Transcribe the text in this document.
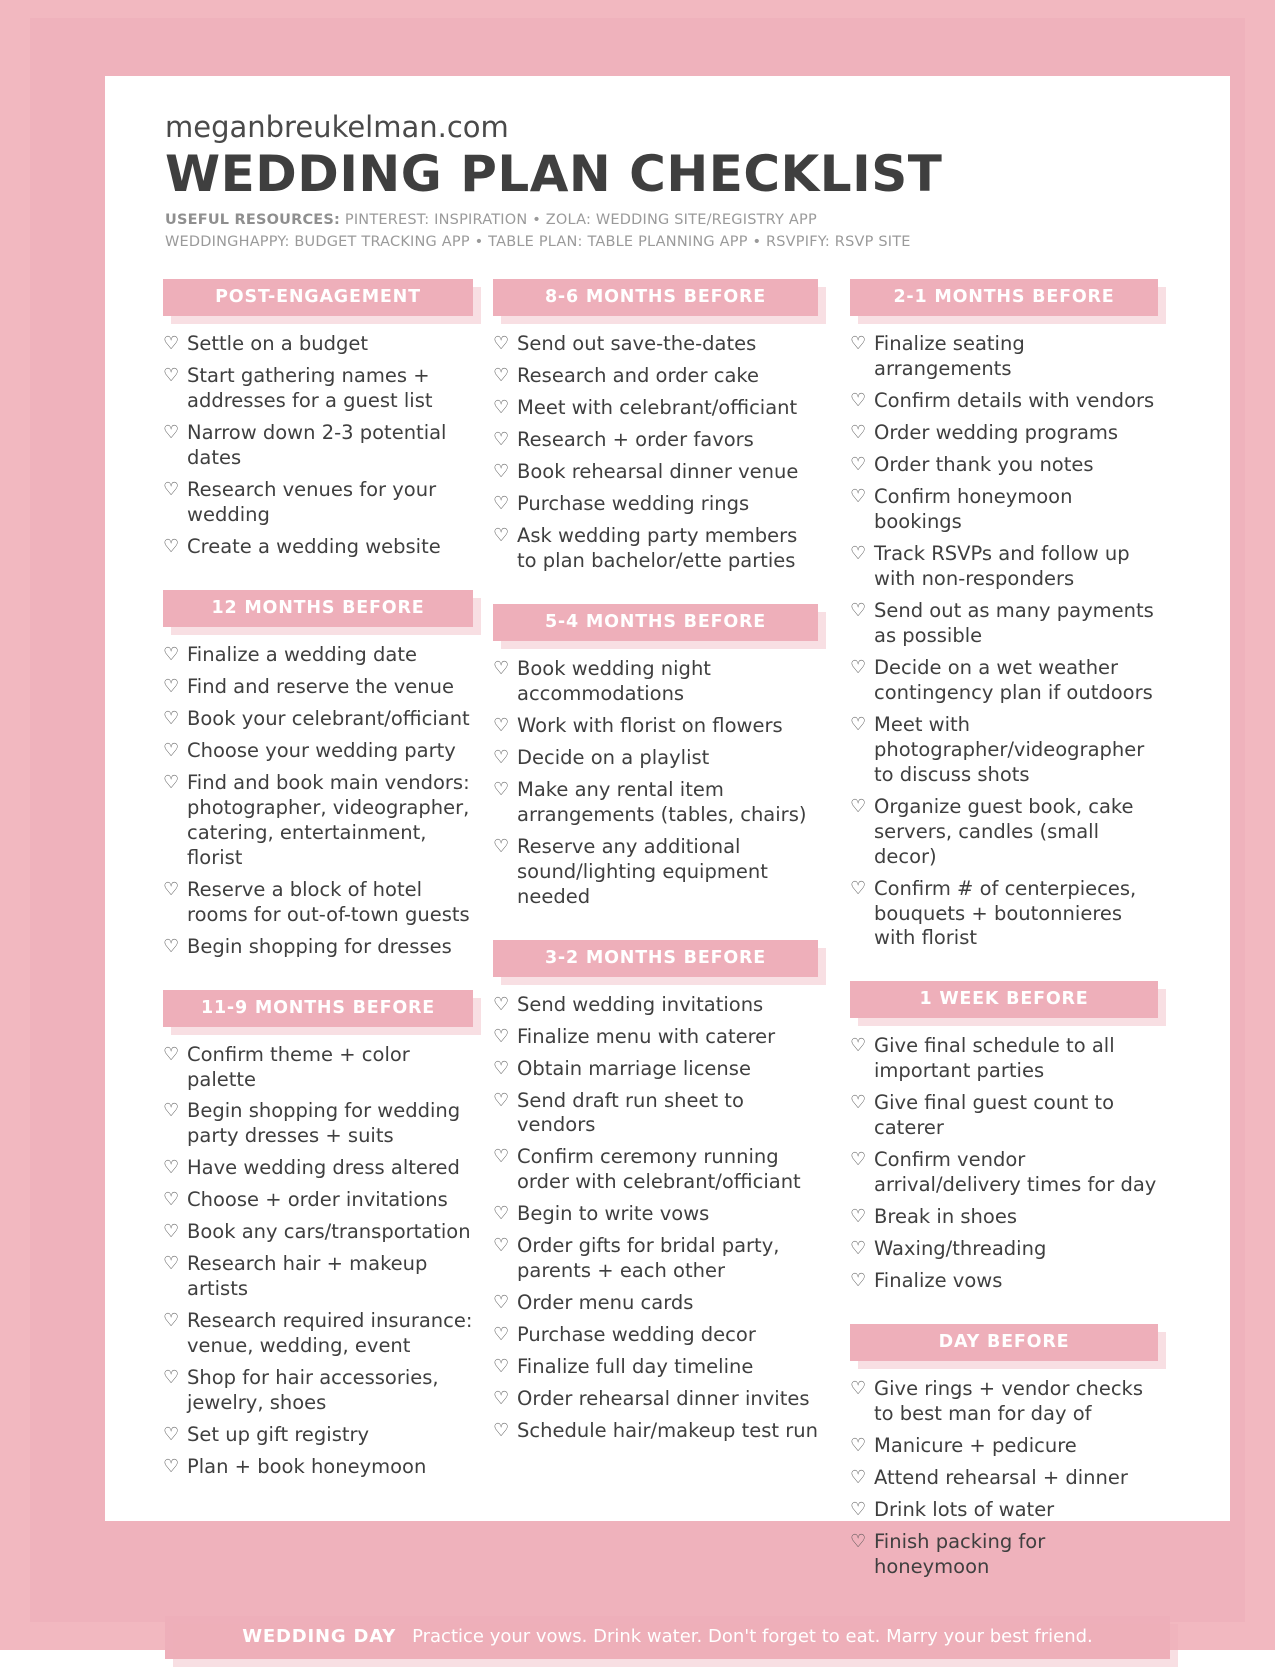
meganbreukelman.com
WEDDING PLAN CHECKLIST
USEFUL RESOURCES: PINTEREST: INSPIRATION • ZOLA: WEDDING SITE/REGISTRY APP
WEDDINGHAPPY: BUDGET TRACKING APP • TABLE PLAN: TABLE PLANNING APP • RSVPIFY: RSVP SITE
POST-ENGAGEMENT
♡ Settle on a budget
♡ Start gathering names + addresses for a guest list
♡ Narrow down 2-3 potential dates
♡ Research venues for your wedding
♡ Create a wedding website
12 MONTHS BEFORE
♡ Finalize a wedding date
♡ Find and reserve the venue
♡ Book your celebrant/officiant
♡ Choose your wedding party
♡ Find and book main vendors: photographer, videographer, catering, entertainment, florist
♡ Reserve a block of hotel rooms for out-of-town guests
♡ Begin shopping for dresses
11-9 MONTHS BEFORE
♡ Confirm theme + color palette
♡ Begin shopping for wedding party dresses + suits
♡ Have wedding dress altered
♡ Choose + order invitations
♡ Book any cars/transportation
♡ Research hair + makeup artists
♡ Research required insurance: venue, wedding, event
♡ Shop for hair accessories, jewelry, shoes
♡ Set up gift registry
♡ Plan + book honeymoon
8-6 MONTHS BEFORE
♡ Send out save-the-dates
♡ Research and order cake
♡ Meet with celebrant/officiant
♡ Research + order favors
♡ Book rehearsal dinner venue
♡ Purchase wedding rings
♡ Ask wedding party members to plan bachelor/ette parties
5-4 MONTHS BEFORE
♡ Book wedding night accommodations
♡ Work with florist on flowers
♡ Decide on a playlist
♡ Make any rental item arrangements (tables, chairs)
♡ Reserve any additional sound/lighting equipment needed
3-2 MONTHS BEFORE
♡ Send wedding invitations
♡ Finalize menu with caterer
♡ Obtain marriage license
♡ Send draft run sheet to vendors
♡ Confirm ceremony running order with celebrant/officiant
♡ Begin to write vows
♡ Order gifts for bridal party, parents + each other
♡ Order menu cards
♡ Purchase wedding decor
♡ Finalize full day timeline
♡ Order rehearsal dinner invites
♡ Schedule hair/makeup test run
2-1 MONTHS BEFORE
♡ Finalize seating arrangements
♡ Confirm details with vendors
♡ Order wedding programs
♡ Order thank you notes
♡ Confirm honeymoon bookings
♡ Track RSVPs and follow up with non-responders
♡ Send out as many payments as possible
♡ Decide on a wet weather contingency plan if outdoors
♡ Meet with photographer/videographer to discuss shots
♡ Organize guest book, cake servers, candles (small decor)
♡ Confirm # of centerpieces, bouquets + boutonnieres with florist
1 WEEK BEFORE
♡ Give final schedule to all important parties
♡ Give final guest count to caterer
♡ Confirm vendor arrival/delivery times for day
♡ Break in shoes
♡ Waxing/threading
♡ Finalize vows
DAY BEFORE
♡ Give rings + vendor checks to best man for day of
♡ Manicure + pedicure
♡ Attend rehearsal + dinner
♡ Drink lots of water
♡ Finish packing for honeymoon
WEDDING DAY Practice your vows. Drink water. Don't forget to eat. Marry your best friend.
